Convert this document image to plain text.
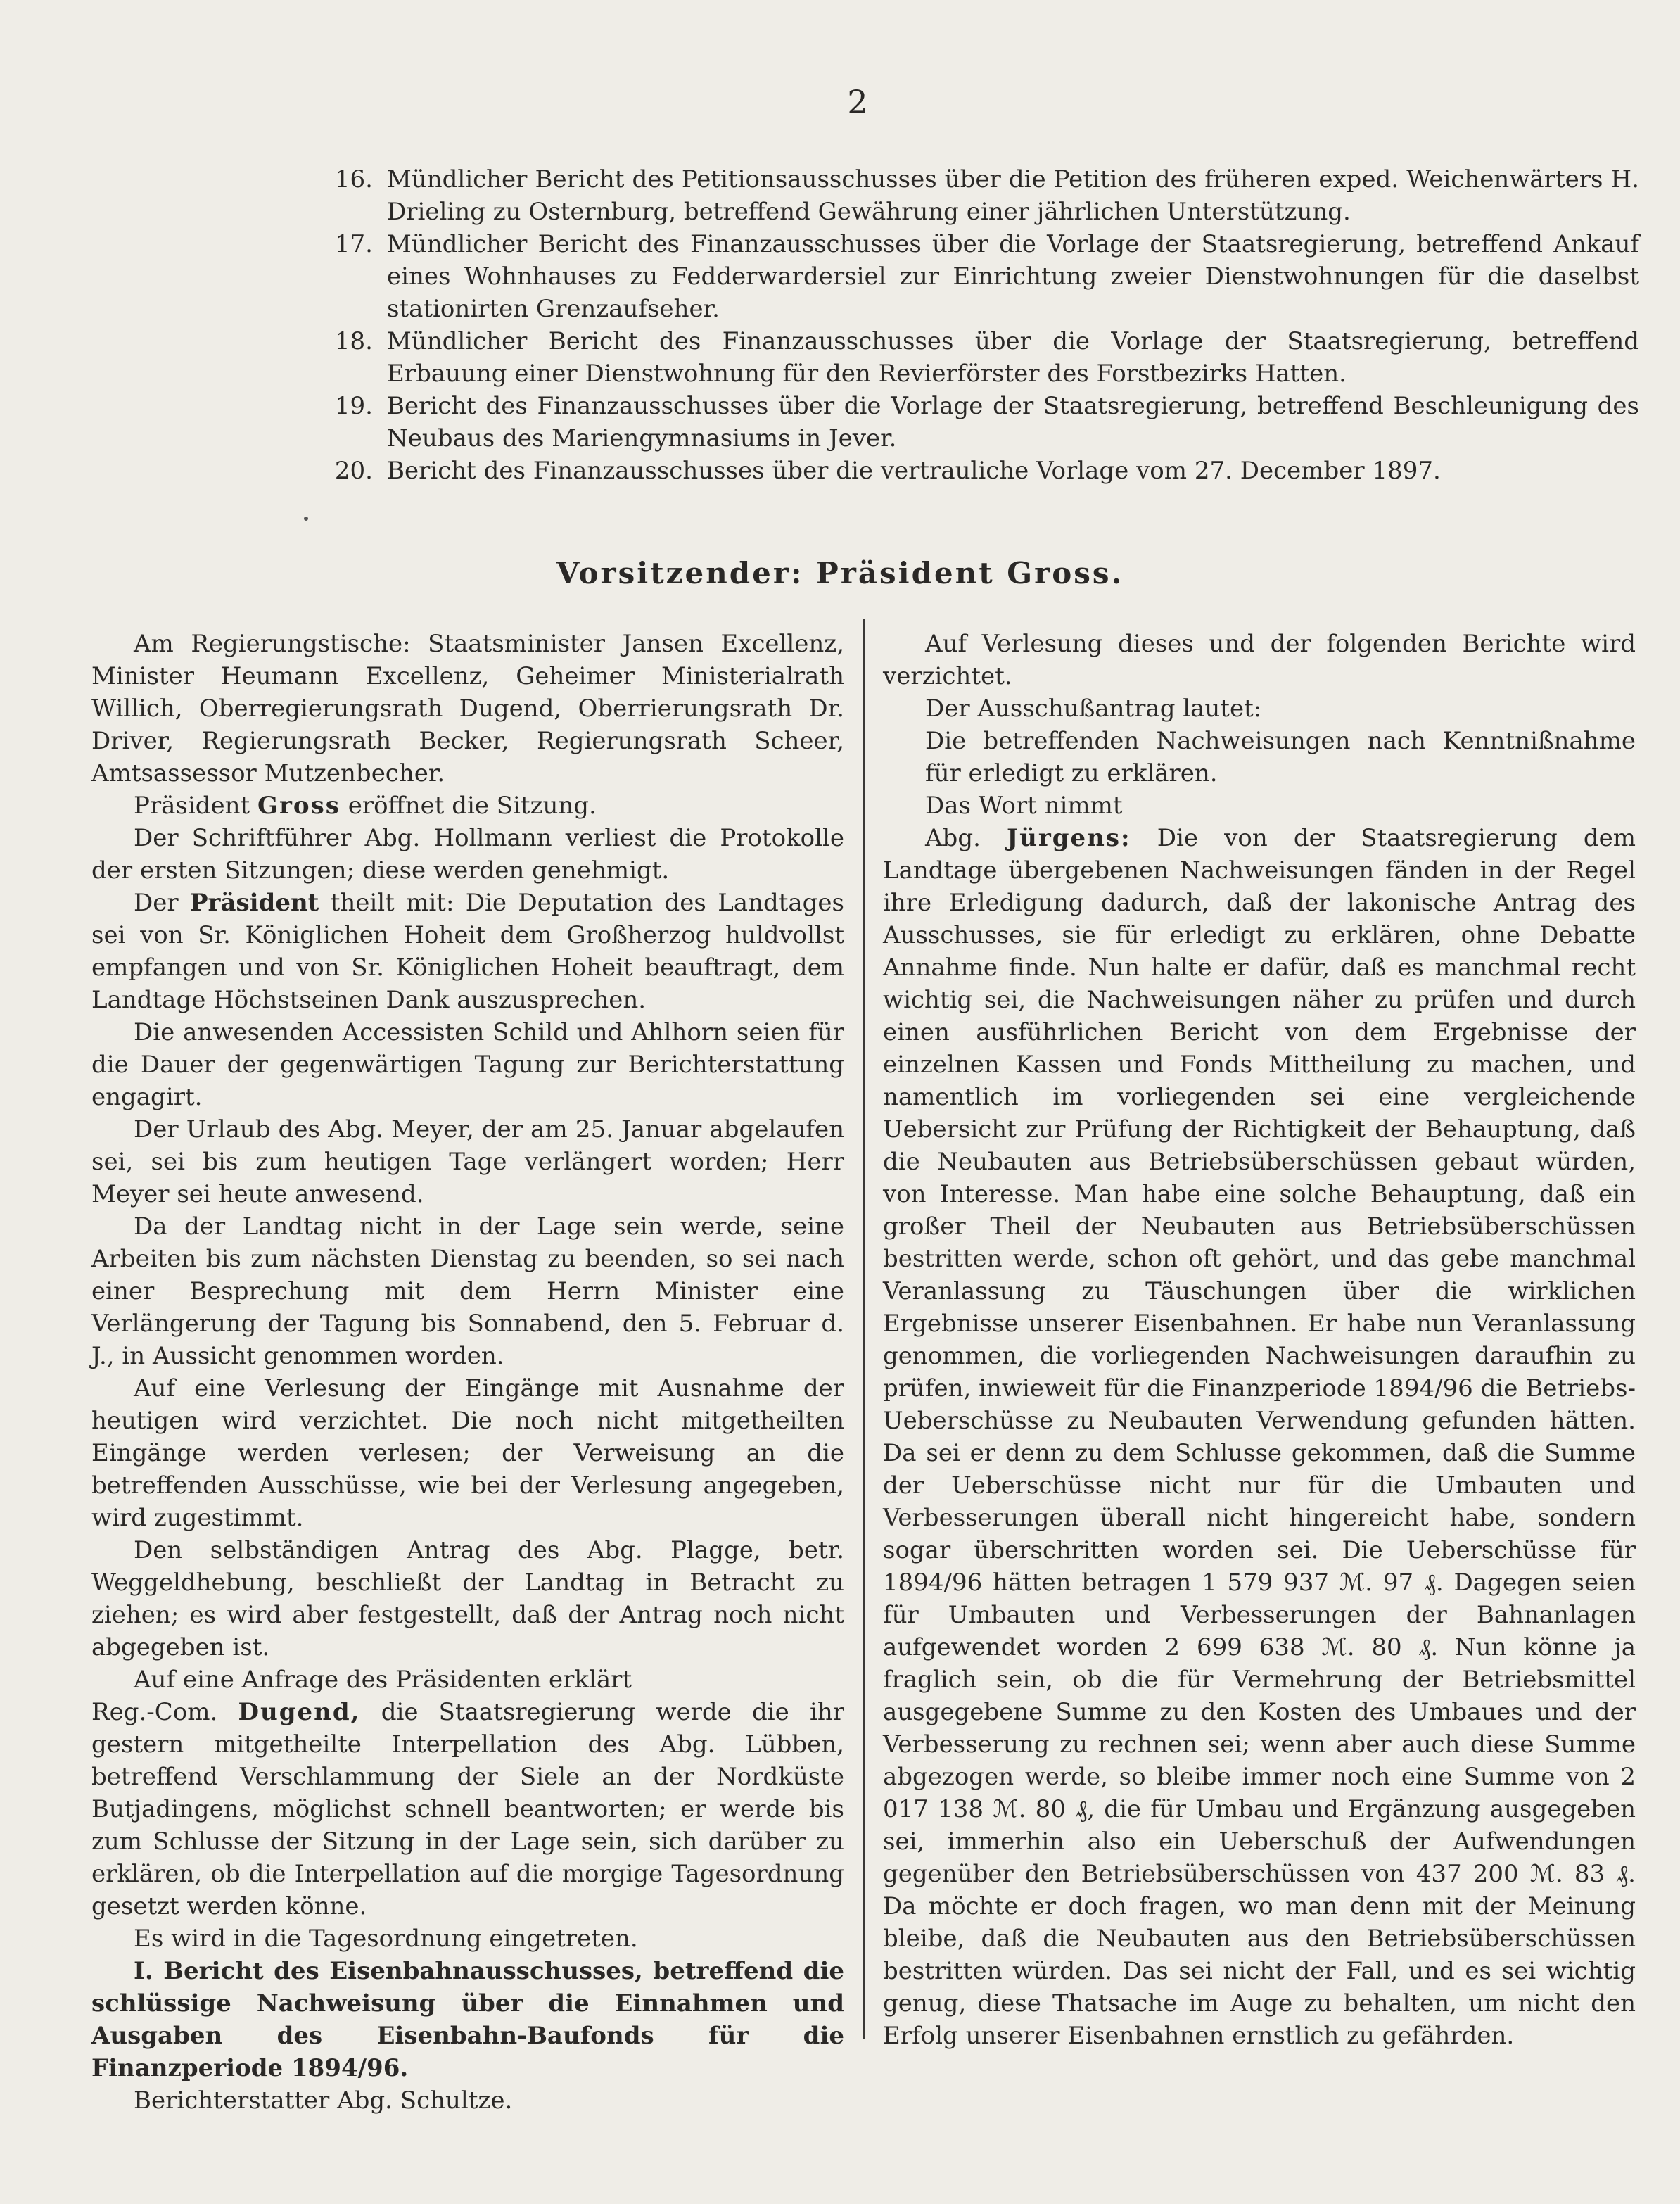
2
16. Mündlicher Bericht des Petitionsausschusses über die Petition des früheren exped. Weichenwärters H. Drieling zu Osternburg, betreffend Gewährung einer jährlichen Unterstützung.
17. Mündlicher Bericht des Finanzausschusses über die Vorlage der Staatsregierung, betreffend Ankauf eines Wohnhauses zu Fedderwardersiel zur Einrichtung zweier Dienstwohnungen für die daselbst stationirten Grenzaufseher.
18. Mündlicher Bericht des Finanzausschusses über die Vorlage der Staatsregierung, betreffend Erbauung einer Dienstwohnung für den Revierförster des Forstbezirks Hatten.
19. Bericht des Finanzausschusses über die Vorlage der Staatsregierung, betreffend Beschleunigung des Neubaus des Mariengymnasiums in Jever.
20. Bericht des Finanzausschusses über die vertrauliche Vorlage vom 27. December 1897.
Vorsitzender: Präsident Gross.

Am Regierungstische: Staatsminister Jansen Excellenz, Minister Heumann Excellenz, Geheimer Ministerialrath Willich, Oberregierungsrath Dugend, Oberrierungsrath Dr. Driver, Regierungsrath Becker, Regierungsrath Scheer, Amtsassessor Mutzenbecher.

Präsident Gross eröffnet die Sitzung.

Der Schriftführer Abg. Hollmann verliest die Protokolle der ersten Sitzungen; diese werden genehmigt.

Der Präsident theilt mit: Die Deputation des Landtages sei von Sr. Königlichen Hoheit dem Großherzog huldvollst empfangen und von Sr. Königlichen Hoheit beauftragt, dem Landtage Höchstseinen Dank auszusprechen.

Die anwesenden Accessisten Schild und Ahlhorn seien für die Dauer der gegenwärtigen Tagung zur Berichterstattung engagirt.

Der Urlaub des Abg. Meyer, der am 25. Januar abgelaufen sei, sei bis zum heutigen Tage verlängert worden; Herr Meyer sei heute anwesend.

Da der Landtag nicht in der Lage sein werde, seine Arbeiten bis zum nächsten Dienstag zu beenden, so sei nach einer Besprechung mit dem Herrn Minister eine Verlängerung der Tagung bis Sonnabend, den 5. Februar d. J., in Aussicht genommen worden.

Auf eine Verlesung der Eingänge mit Ausnahme der heutigen wird verzichtet. Die noch nicht mitgetheilten Eingänge werden verlesen; der Verweisung an die betreffenden Ausschüsse, wie bei der Verlesung angegeben, wird zugestimmt.

Den selbständigen Antrag des Abg. Plagge, betr. Weggeldhebung, beschließt der Landtag in Betracht zu ziehen; es wird aber festgestellt, daß der Antrag noch nicht abgegeben ist.

Auf eine Anfrage des Präsidenten erklärt

Reg.-Com. Dugend, die Staatsregierung werde die ihr gestern mitgetheilte Interpellation des Abg. Lübben, betreffend Verschlammung der Siele an der Nordküste Butjadingens, möglichst schnell beantworten; er werde bis zum Schlusse der Sitzung in der Lage sein, sich darüber zu erklären, ob die Interpellation auf die morgige Tagesordnung gesetzt werden könne.

Es wird in die Tagesordnung eingetreten.

I. Bericht des Eisenbahnausschusses, betreffend die schlüssige Nachweisung über die Einnahmen und Ausgaben des Eisenbahn-Baufonds für die Finanzperiode 1894/96.

Berichterstatter Abg. Schultze.

Auf Verlesung dieses und der folgenden Berichte wird verzichtet.

Der Ausschußantrag lautet:

Die betreffenden Nachweisungen nach Kenntnißnahme für erledigt zu erklären.

Das Wort nimmt

Abg. Jürgens: Die von der Staatsregierung dem Landtage übergebenen Nachweisungen fänden in der Regel ihre Erledigung dadurch, daß der lakonische Antrag des Ausschusses, sie für erledigt zu erklären, ohne Debatte Annahme finde. Nun halte er dafür, daß es manchmal recht wichtig sei, die Nachweisungen näher zu prüfen und durch einen ausführlichen Bericht von dem Ergebnisse der einzelnen Kassen und Fonds Mittheilung zu machen, und namentlich im vorliegenden sei eine vergleichende Uebersicht zur Prüfung der Richtigkeit der Behauptung, daß die Neubauten aus Betriebsüberschüssen gebaut würden, von Interesse. Man habe eine solche Behauptung, daß ein großer Theil der Neubauten aus Betriebsüberschüssen bestritten werde, schon oft gehört, und das gebe manchmal Veranlassung zu Täuschungen über die wirklichen Ergebnisse unserer Eisenbahnen. Er habe nun Veranlassung genommen, die vorliegenden Nachweisungen daraufhin zu prüfen, inwieweit für die Finanzperiode 1894/96 die Betriebs-Ueberschüsse zu Neubauten Verwendung gefunden hätten. Da sei er denn zu dem Schlusse gekommen, daß die Summe der Ueberschüsse nicht nur für die Umbauten und Verbesserungen überall nicht hingereicht habe, sondern sogar überschritten worden sei. Die Ueberschüsse für 1894/96 hätten betragen 1 579 937 ℳ. 97 ₰. Dagegen seien für Umbauten und Verbesserungen der Bahnanlagen aufgewendet worden 2 699 638 ℳ. 80 ₰. Nun könne ja fraglich sein, ob die für Vermehrung der Betriebsmittel ausgegebene Summe zu den Kosten des Umbaues und der Verbesserung zu rechnen sei; wenn aber auch diese Summe abgezogen werde, so bleibe immer noch eine Summe von 2 017 138 ℳ. 80 ₰, die für Umbau und Ergänzung ausgegeben sei, immerhin also ein Ueberschuß der Aufwendungen gegenüber den Betriebsüberschüssen von 437 200 ℳ. 83 ₰. Da möchte er doch fragen, wo man denn mit der Meinung bleibe, daß die Neubauten aus den Betriebsüberschüssen bestritten würden. Das sei nicht der Fall, und es sei wichtig genug, diese Thatsache im Auge zu behalten, um nicht den Erfolg unserer Eisenbahnen ernstlich zu gefährden.
